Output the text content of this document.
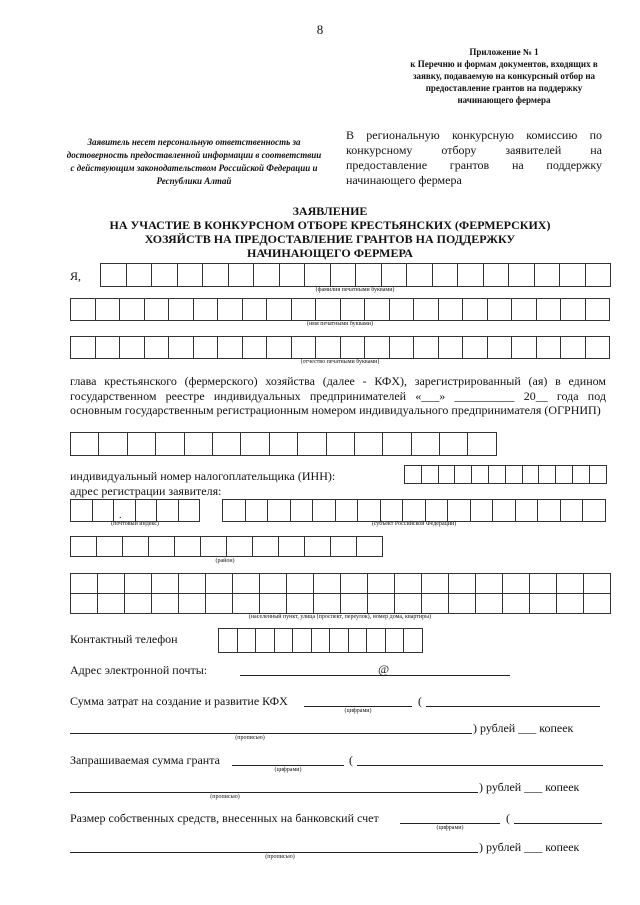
8
Приложение № 1
к Перечню и формам документов, входящих в заявку, подаваемую на конкурсный отбор на предоставление грантов на поддержку начинающего фермера
Заявитель несет персональную ответственность за достоверность предоставленной информации в соответствии с действующим законодательством Российской Федерации и Республики Алтай
В региональную конкурсную комиссию по конкурсному отбору заявителей на предоставление грантов на поддержку начинающего фермера
ЗАЯВЛЕНИЕ
НА УЧАСТИЕ В КОНКУРСНОМ ОТБОРЕ КРЕСТЬЯНСКИХ (ФЕРМЕРСКИХ)
ХОЗЯЙСТВ НА ПРЕДОСТАВЛЕНИЕ ГРАНТОВ НА ПОДДЕРЖКУ
НАЧИНАЮЩЕГО ФЕРМЕРА
Я,
(фамилия печатными буквами)
(имя печатными буквами)
(отчество печатными буквами)
глава крестьянского (фермерского) хозяйства (далее - КФХ), зарегистрированный (ая) в едином государственном реестре индивидуальных предпринимателей «___» __________ 20__ года под основным государственным регистрационным номером индивидуального предпринимателя (ОГРНИП)
индивидуальный номер налогоплательщика (ИНН):
адрес регистрации заявителя:
.
(почтовый индекс)	(субъект Российской Федерации)
(район)
(населенный пункт, улица (проспект, переулок), номер дома, квартиры)
Контактный телефон
Адрес электронной почты:	@
Сумма затрат на создание и развитие КФХ
(цифрами)
(
(прописью)
) рублей ___ копеек
Запрашиваемая сумма гранта
(цифрами)
(
(прописью)
) рублей ___ копеек
Размер собственных средств, внесенных на банковский счет
(цифрами)
(
(прописью)
) рублей ___ копеек
